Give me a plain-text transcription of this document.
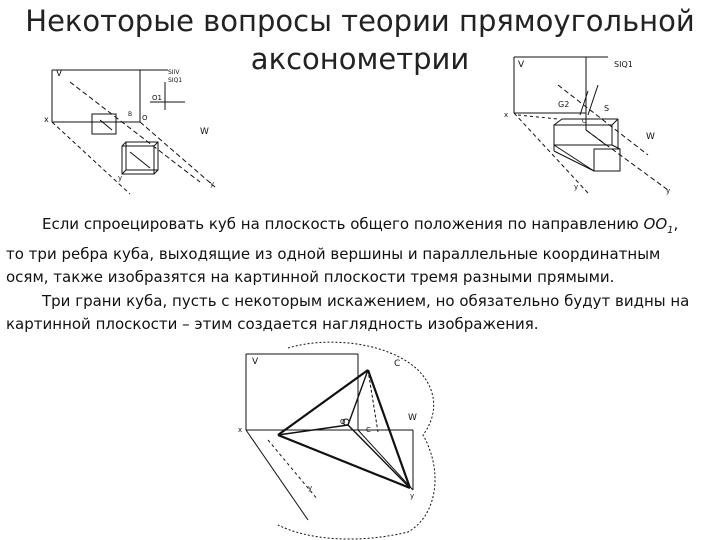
Некоторые вопросы теории прямоугольной
аксонометрии
V	SIIV
SIQ1
O1
x	O
B
W
y
y
V	SIQ1
G2	S
x
O
W
y	y

Если спроецировать куб на плоскость общего положения по направлению $OO_1$, то три ребра куба, выходящие из одной вершины и параллельные координатным осям, также изобразятся на картинной плоскости тремя разными прямыми.

Три грани куба, пусть с некоторым искажением, но обязательно будут видны на картинной плоскости – этим создается наглядность изображения.

V	C
x
O
C
W
y
y
